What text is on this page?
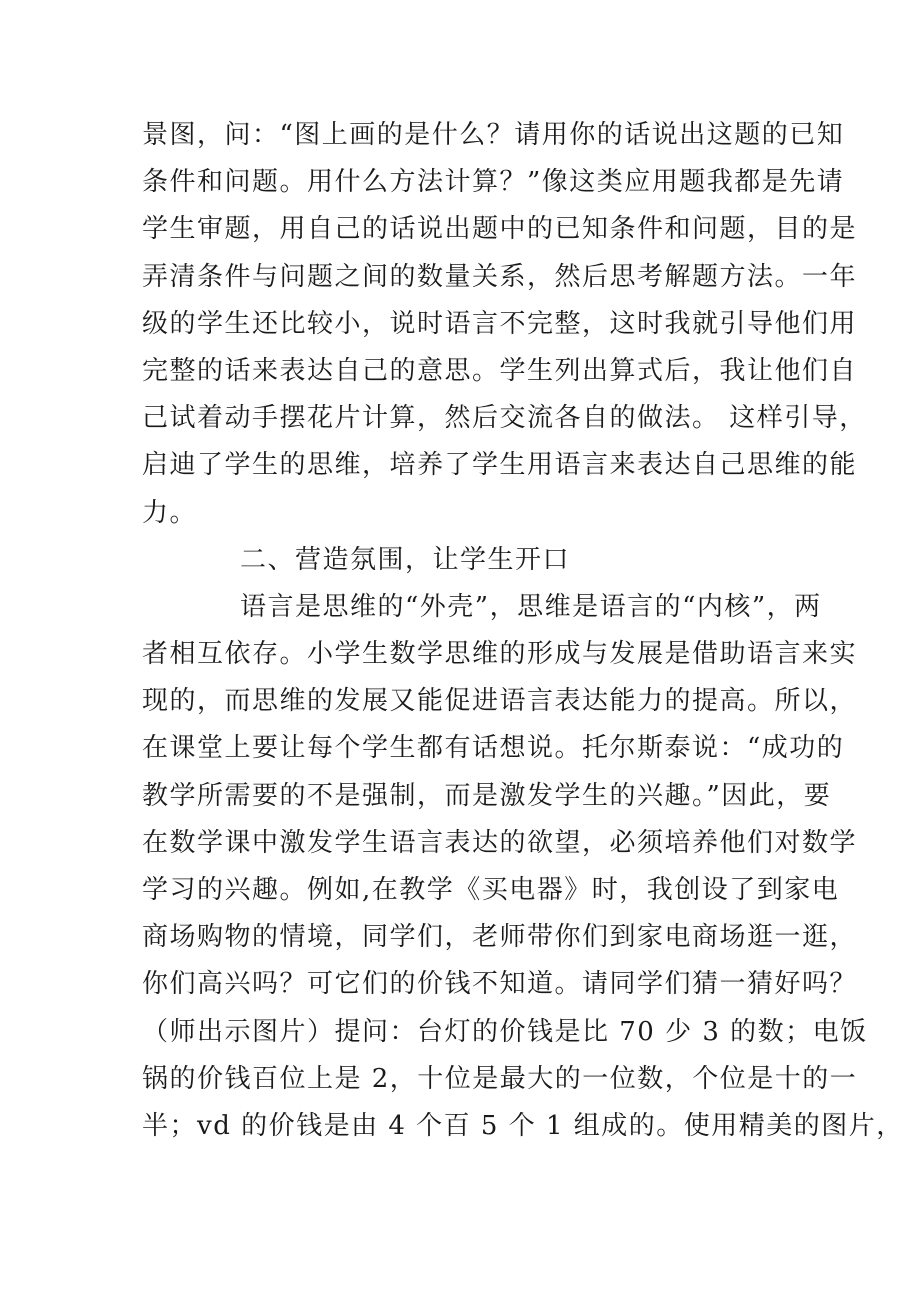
景图，问：“图上画的是什么？请用你的话说出这题的已知
条件和问题。用什么方法计算？”像这类应用题我都是先请
学生审题，用自己的话说出题中的已知条件和问题，目的是
弄清条件与问题之间的数量关系，然后思考解题方法。一年
级的学生还比较小，说时语言不完整，这时我就引导他们用
完整的话来表达自己的意思。学生列出算式后，我让他们自
己试着动手摆花片计算，然后交流各自的做法。 这样引导，
启迪了学生的思维，培养了学生用语言来表达自己思维的能
力。
二、营造氛围，让学生开口
语言是思维的“外壳”，思维是语言的“内核”，两
者相互依存。小学生数学思维的形成与发展是借助语言来实
现的，而思维的发展又能促进语言表达能力的提高。所以，
在课堂上要让每个学生都有话想说。托尔斯泰说：“成功的
教学所需要的不是强制，而是激发学生的兴趣。”因此，要
在数学课中激发学生语言表达的欲望，必须培养他们对数学
学习的兴趣。例如,在教学《买电器》时，我创设了到家电
商场购物的情境，同学们，老师带你们到家电商场逛一逛，
你们高兴吗？可它们的价钱不知道。请同学们猜一猜好吗？
（师出示图片）提问：台灯的价钱是比 70 少 3 的数；电饭
锅的价钱百位上是 2，十位是最大的一位数，个位是十的一
半；vd 的价钱是由 4 个百 5 个 1 组成的。使用精美的图片，
